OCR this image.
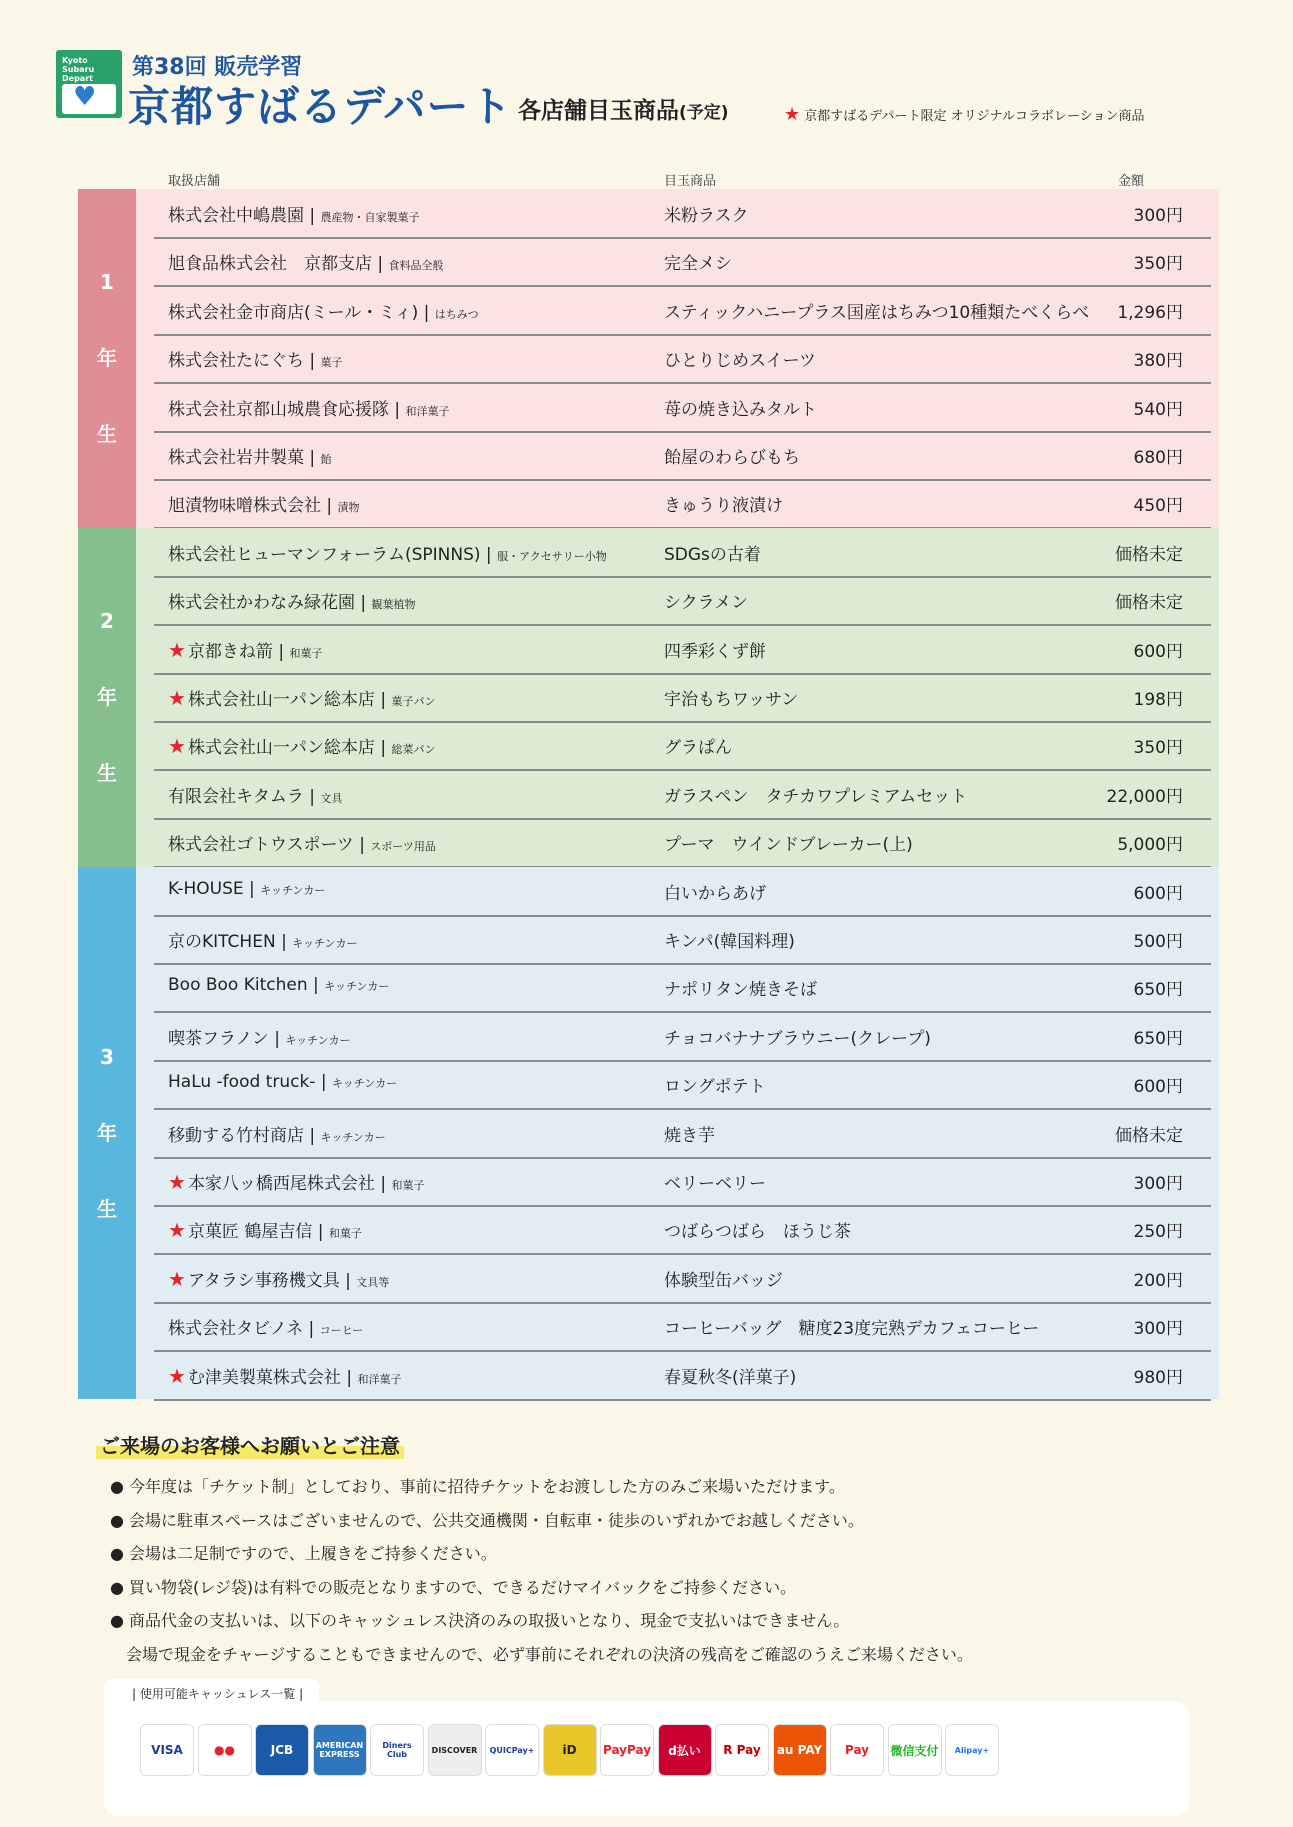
Kyoto Subaru Depart
♥
第38回 販売学習
京都すばるデパート 各店舗目玉商品(予定)	★ 京都すばるデパート限定 オリジナルコラボレーション商品
取扱店舗	目玉商品	金額
1
年
生
株式会社中嶋農園 | 農産物・自家製菓子	米粉ラスク	300円
旭食品株式会社　京都支店 | 食料品全般	完全メシ	350円
株式会社金市商店(ミール・ミィ) | はちみつ	スティックハニープラス国産はちみつ10種類たべくらべ 1,296円
株式会社たにぐち | 菓子	ひとりじめスイーツ	380円
株式会社京都山城農食応援隊 | 和洋菓子	苺の焼き込みタルト	540円
株式会社岩井製菓 | 飴	飴屋のわらびもち	680円
旭漬物味噌株式会社 | 漬物	きゅうり液漬け	450円
2
年
生
株式会社ヒューマンフォーラム(SPINNS) | 服・アクセサリー小物	SDGsの古着	価格未定
株式会社かわなみ緑花園 | 観葉植物	シクラメン	価格未定
★ 京都きね箭 | 和菓子	四季彩くず餅	600円
★ 株式会社山一パン総本店 | 菓子パン	宇治もちワッサン	198円
★ 株式会社山一パン総本店 | 総菜パン	グラぱん	350円
有限会社キタムラ | 文具	ガラスペン　タチカワプレミアムセット	22,000円
株式会社ゴトウスポーツ | スポーツ用品	プーマ　ウインドブレーカー(上)	5,000円
3
年
生
K-HOUSE | キッチンカー	白いからあげ	600円
京のKITCHEN | キッチンカー	キンパ(韓国料理)	500円
Boo Boo Kitchen | キッチンカー	ナポリタン焼きそば	650円
喫茶フラノン | キッチンカー	チョコバナナブラウニー(クレープ)	650円
HaLu -food truck- | キッチンカー	ロングポテト	600円
移動する竹村商店 | キッチンカー	焼き芋	価格未定
★ 本家八ッ橋西尾株式会社 | 和菓子	ベリーベリー	300円
★ 京菓匠 鶴屋吉信 | 和菓子	つばらつばら　ほうじ茶	250円
★ アタラシ事務機文具 | 文具等	体験型缶バッジ	200円
株式会社タビノネ | コーヒー	コーヒーバッグ　糖度23度完熟デカフェコーヒー	300円
★ む津美製菓株式会社 | 和洋菓子	春夏秋冬(洋菓子)	980円
ご来場のお客様へお願いとご注意
● 今年度は「チケット制」としており、事前に招待チケットをお渡しした方のみご来場いただけます。
● 会場に駐車スペースはございませんので、公共交通機関・自転車・徒歩のいずれかでお越しください。
● 会場は二足制ですので、上履きをご持参ください。
● 買い物袋(レジ袋)は有料での販売となりますので、できるだけマイバックをご持参ください。
● 商品代金の支払いは、以下のキャッシュレス決済のみの取扱いとなり、現金で支払いはできません。
　会場で現金をチャージすることもできませんので、必ず事前にそれぞれの決済の残高をご確認のうえご来場ください。
| 使用可能キャッシュレス一覧 |
VISA	●●	JCB	AMERICAN EXPRESS
Diners Club	DISCOVER	QUICPay+	iD	PayPay	d払い	R Pay	au PAY	Pay	微信支付	Alipay+
